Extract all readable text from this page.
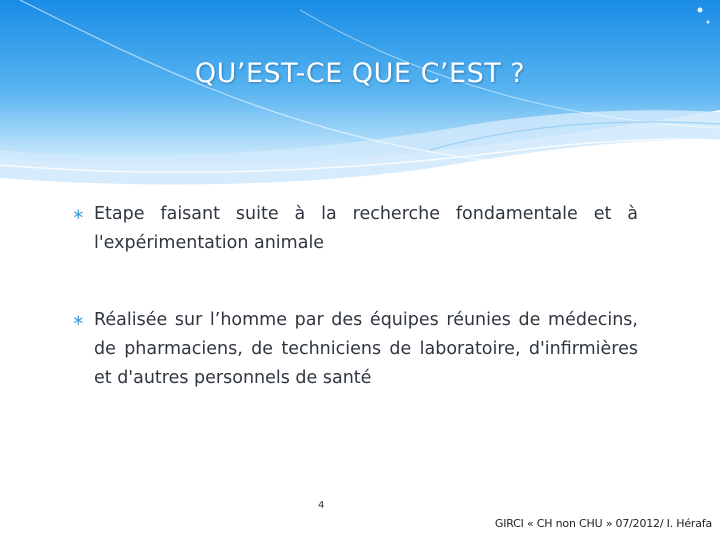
QU’EST-CE QUE C’EST ?
∗ Etape faisant suite à la recherche fondamentale et à l'expérimentation animale
∗ Réalisée sur l’homme par des équipes réunies de médecins, de pharmaciens, de techniciens de laboratoire, d'infirmières et d'autres personnels de santé
4
GIRCI « CH non CHU » 07/2012/ I. Hérafa
